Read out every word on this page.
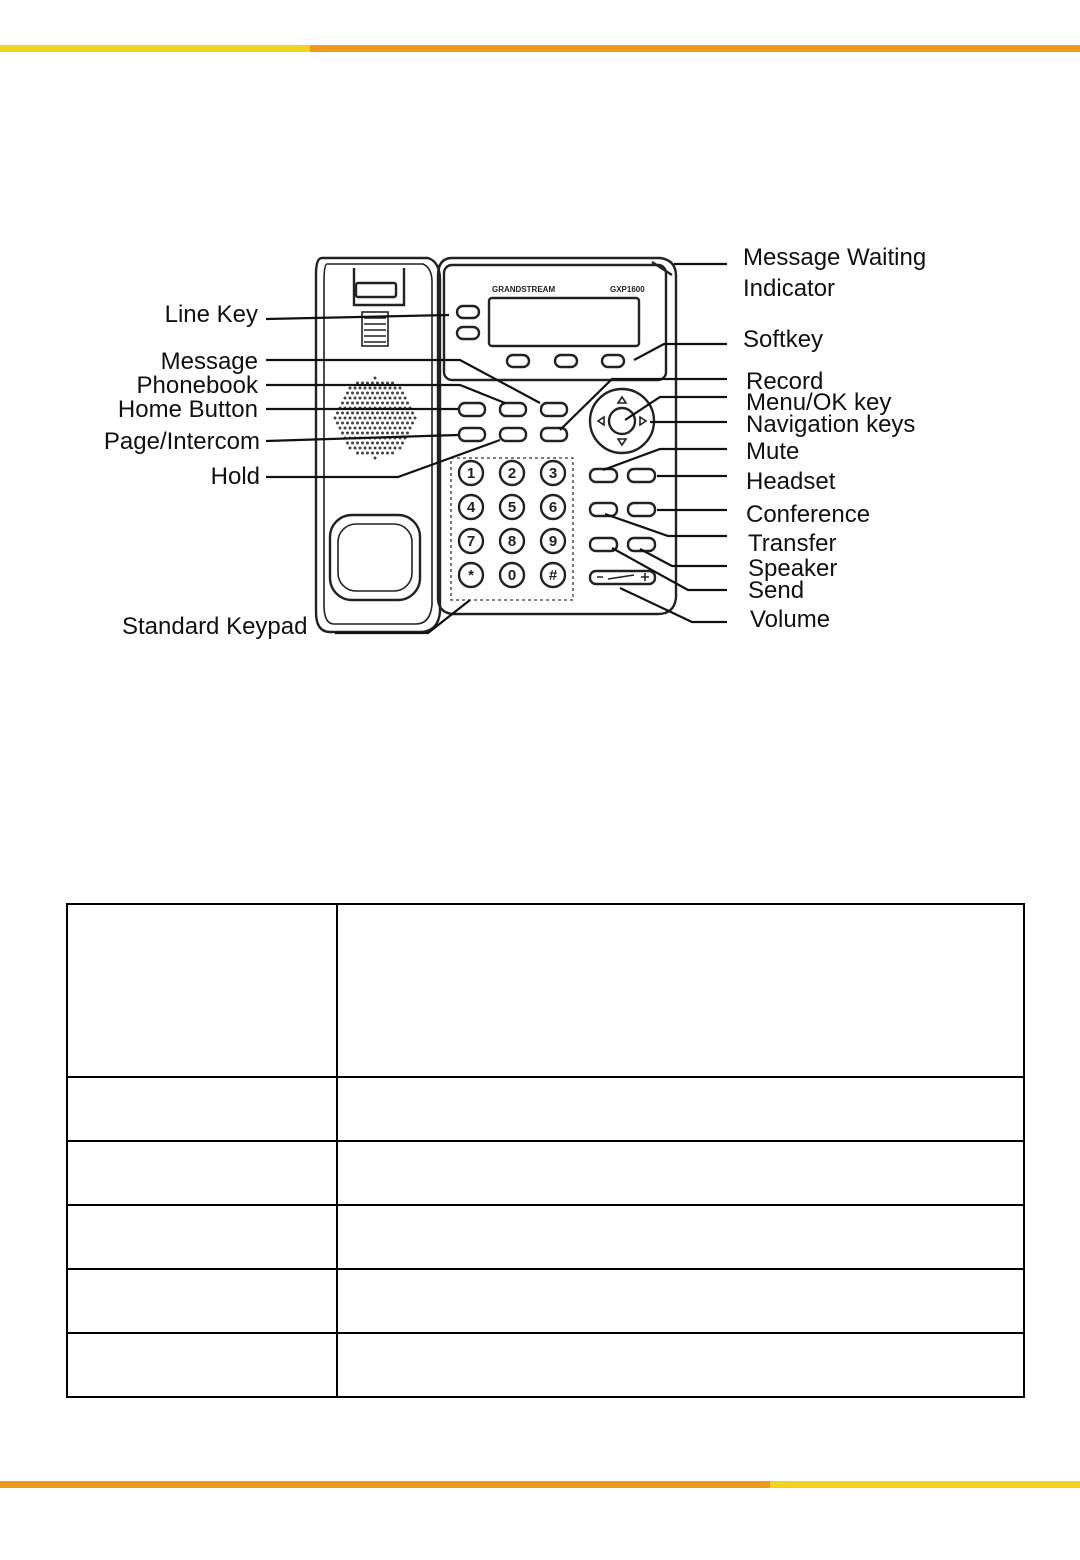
GRANDSTREAM	GXP1600
1 2 3
4 5 6
7 8 9
* 0 #
Line Key
Message
Phonebook
Home Button
Page/Intercom
Hold
Standard Keypad
Message Waiting
Indicator
Softkey
Record
Menu/OK key
Navigation keys
Mute
Headset
Conference
Transfer
Speaker
Send
Volume
